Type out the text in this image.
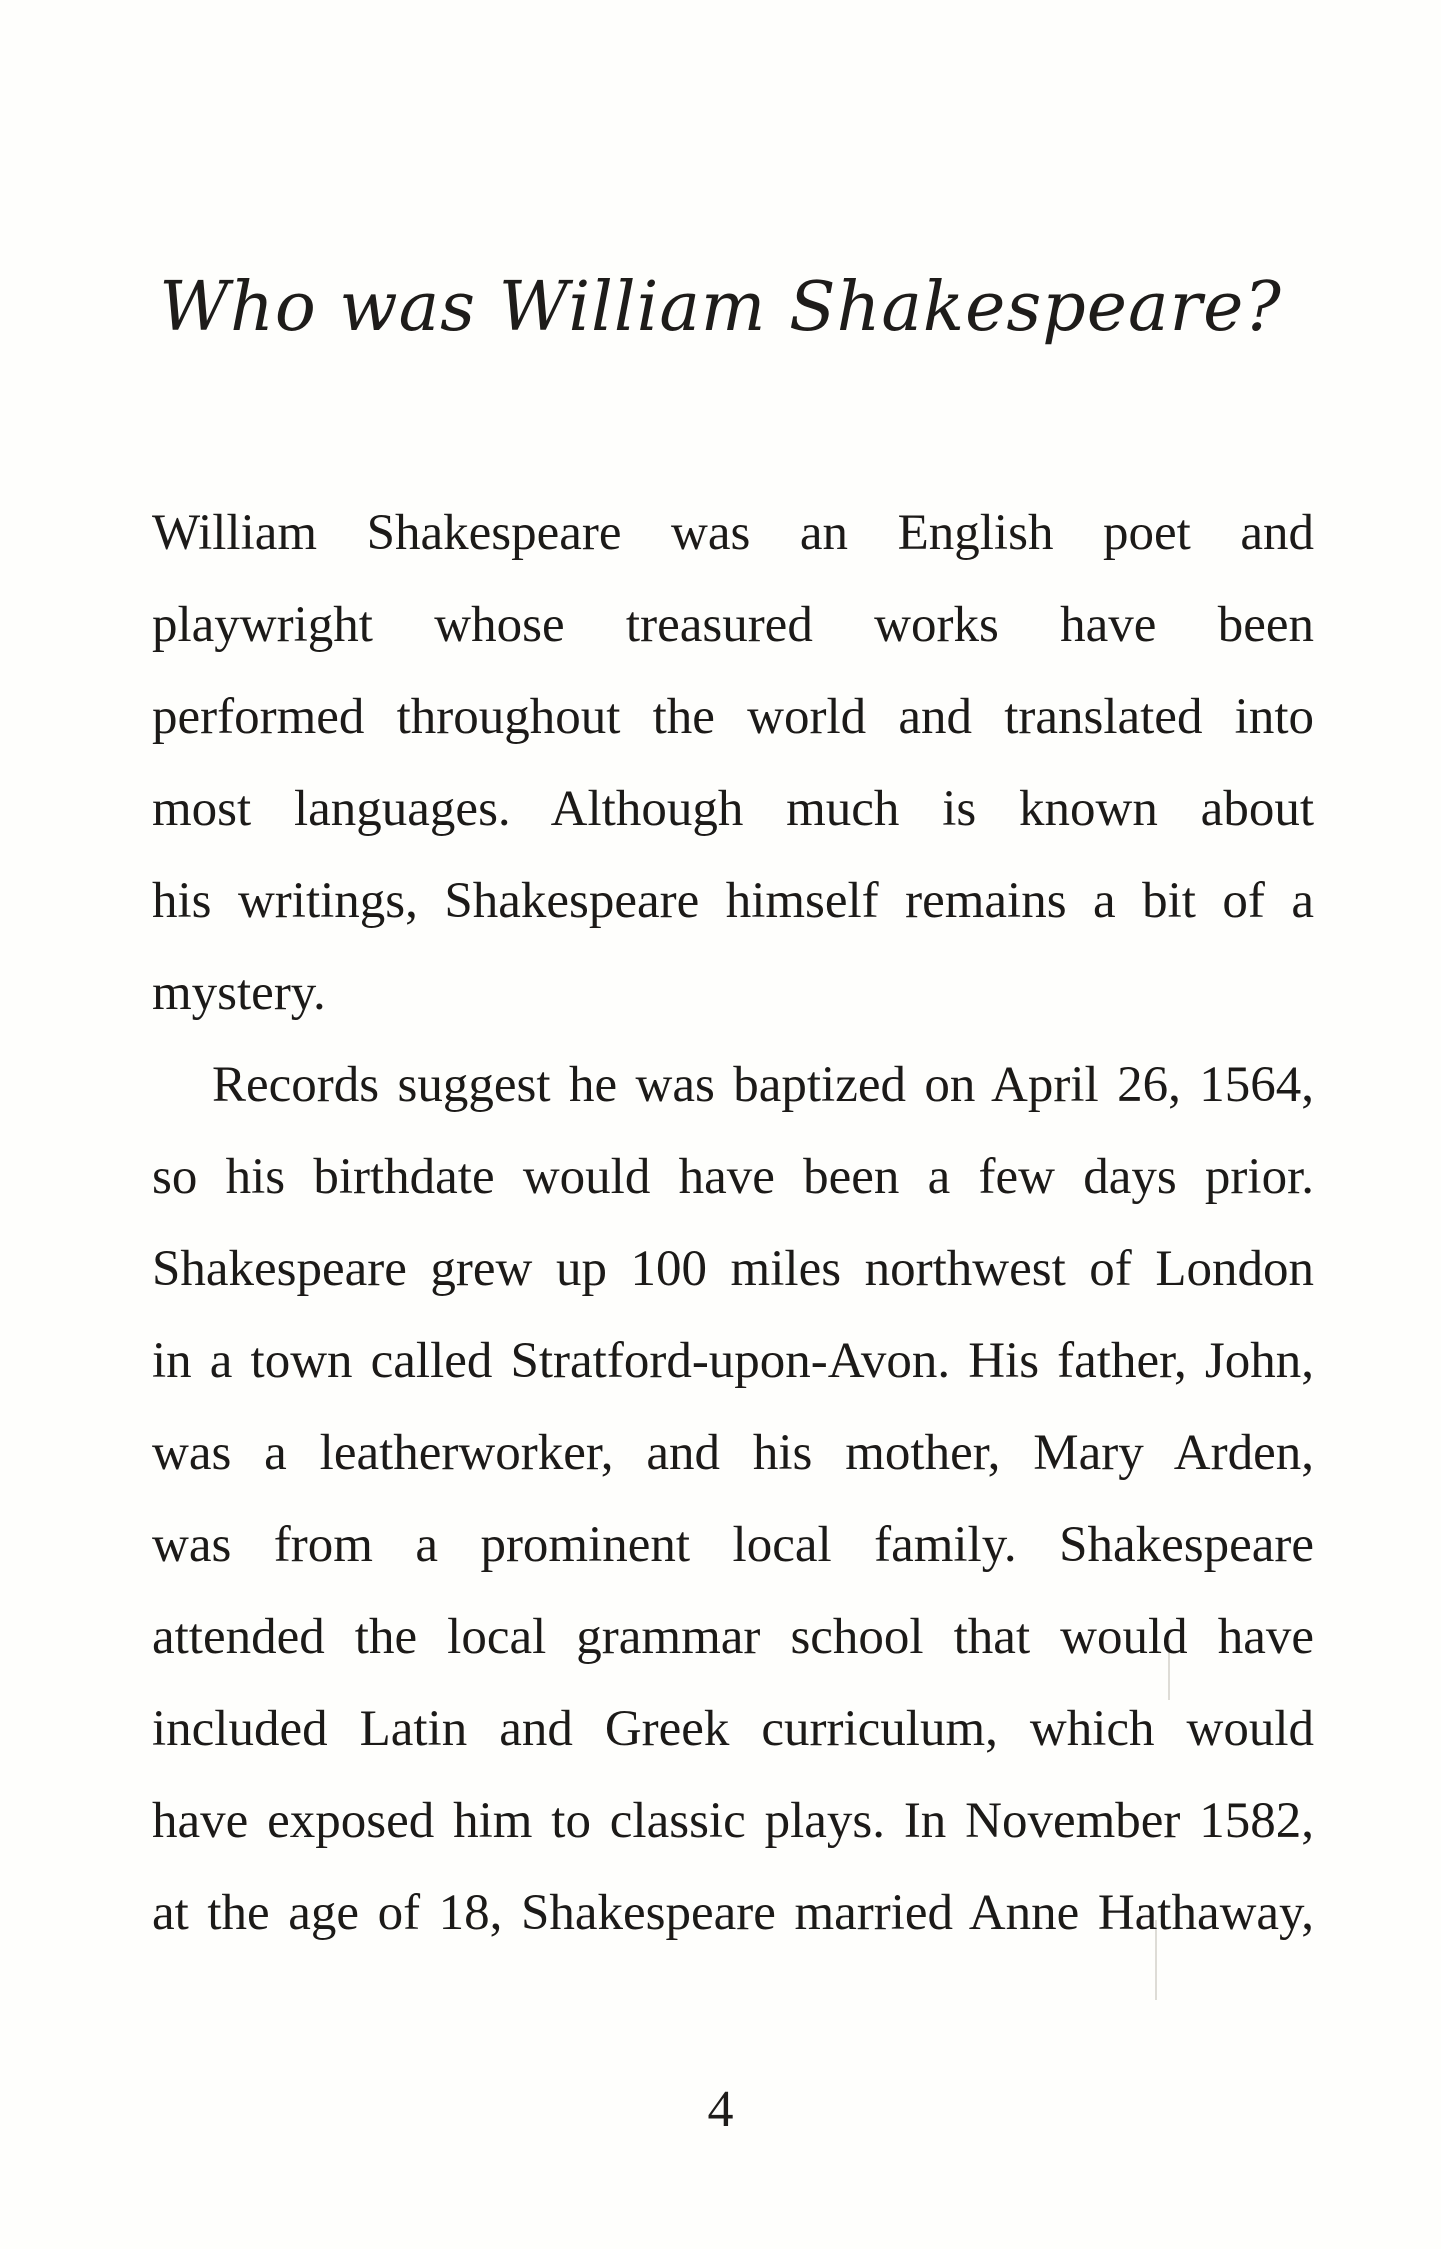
Who was William Shakespeare?
William Shakespeare was an English poet and
playwright whose treasured works have been
performed throughout the world and translated into
most languages. Although much is known about
his writings, Shakespeare himself remains a bit of a
mystery.
Records suggest he was baptized on April 26, 1564,
so his birthdate would have been a few days prior.
Shakespeare grew up 100 miles northwest of London
in a town called Stratford-upon-Avon. His father, John,
was a leatherworker, and his mother, Mary Arden,
was from a prominent local family. Shakespeare
attended the local grammar school that would have
included Latin and Greek curriculum, which would
have exposed him to classic plays. In November 1582,
at the age of 18, Shakespeare married Anne Hathaway,
4
